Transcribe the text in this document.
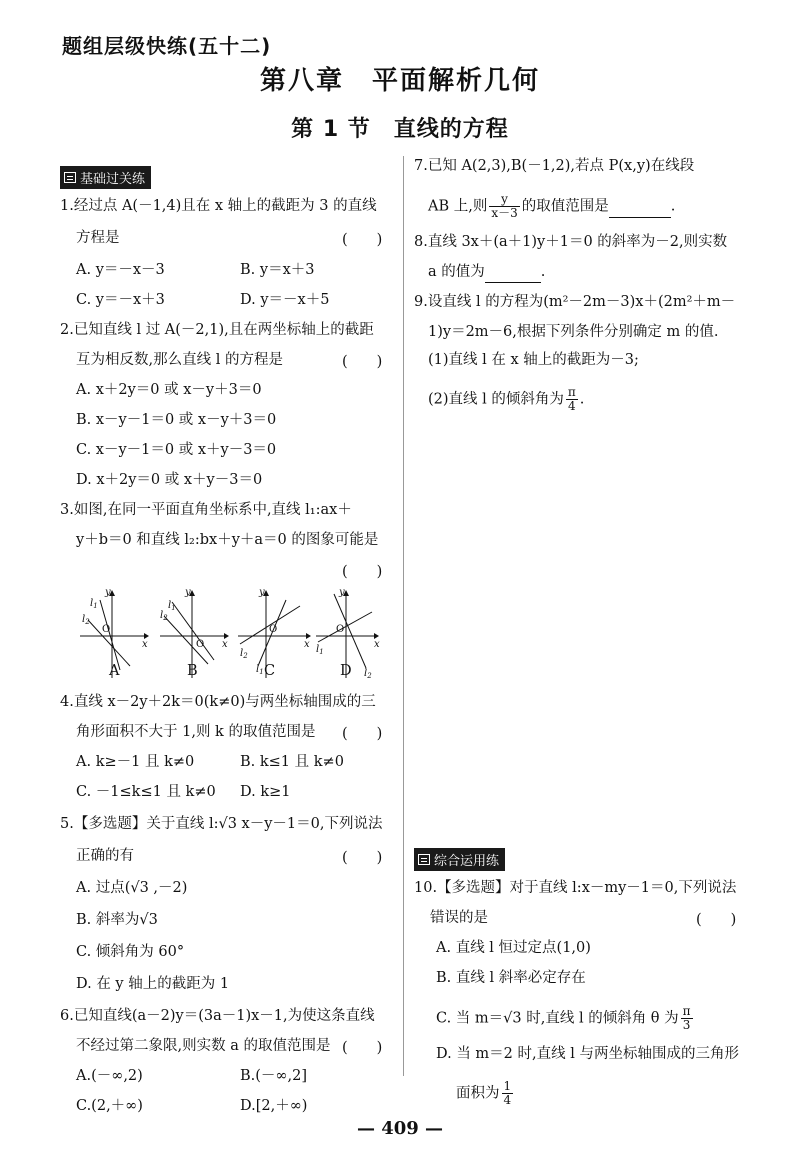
题组层级快练(五十二)
第八章　平面解析几何
第 1 节　直线的方程
基础过关练
1.经过点 A(－1,4)且在 x 轴上的截距为 3 的直线
方程是	(　　)
A. y＝－x－3	B. y＝x＋3
C. y＝－x＋3	D. y＝－x＋5
2.已知直线 l 过 A(－2,1),且在两坐标轴上的截距
互为相反数,那么直线 l 的方程是	(　　)
A. x＋2y＝0 或 x－y＋3＝0
B. x－y－1＝0 或 x－y＋3＝0
C. x－y－1＝0 或 x＋y－3＝0
D. x＋2y＝0 或 x＋y－3＝0
3.如图,在同一平面直角坐标系中,直线 l₁:ax＋
y＋b＝0 和直线 l₂:bx＋y＋a＝0 的图象可能是
(　　)
y
x
O
$l_2$
$l_1$
y
x
O
$l_2$
$l_1$
y
x
O
$l_2$
$l_1$
y
x
O
$l_1$
$l_2$
A	B	C	D
4.直线 x－2y＋2k＝0(k≠0)与两坐标轴围成的三
角形面积不大于 1,则 k 的取值范围是 (　　)
A. k≥－1 且 k≠0	B. k≤1 且 k≠0
C. －1≤k≤1 且 k≠0 D. k≥1
5.【多选题】关于直线 l:√3 x－y－1＝0,下列说法
正确的有	(　　)
A. 过点(√3 ,－2)
B. 斜率为√3
C. 倾斜角为 60°
D. 在 y 轴上的截距为 1
6.已知直线(a－2)y＝(3a－1)x－1,为使这条直线
不经过第二象限,则实数 a 的取值范围是 (　　)
A.(－∞,2)	B.(－∞,2]
C.(2,＋∞)	D.[2,＋∞)
7.已知 A(2,3),B(－1,2),若点 P(x,y)在线段
AB 上,则 $\frac{y}{x-3}$ 的取值范围是	.
8.直线 3x＋(a＋1)y＋1＝0 的斜率为－2,则实数
a 的值为	.
9.设直线 l 的方程为(m²－2m－3)x＋(2m²＋m－
1)y＝2m－6,根据下列条件分别确定 m 的值.
(1)直线 l 在 x 轴上的截距为－3;
(2)直线 l 的倾斜角为 $\frac{\pi}{4}$ .
综合运用练
10.【多选题】对于直线 l:x－my－1＝0,下列说法
错误的是	(　　)
A. 直线 l 恒过定点(1,0)
B. 直线 l 斜率必定存在
C. 当 m＝√3 时,直线 l 的倾斜角 θ 为 $\frac{\pi}{3}$
D. 当 m＝2 时,直线 l 与两坐标轴围成的三角形
面积为 $\frac{1}{4}$
— 409 —
